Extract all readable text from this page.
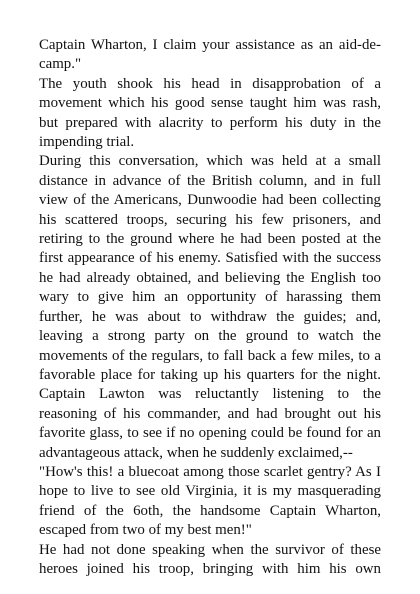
Captain Wharton, I claim your assistance as an aid-de-camp."

The youth shook his head in disapprobation of a movement which his good sense taught him was rash, but prepared with alacrity to perform his duty in the impending trial.

During this conversation, which was held at a small distance in advance of the British column, and in full view of the Americans, Dunwoodie had been collecting his scattered troops, securing his few prisoners, and retiring to the ground where he had been posted at the first appearance of his enemy. Satisfied with the success he had already obtained, and believing the English too wary to give him an opportunity of harassing them further, he was about to withdraw the guides; and, leaving a strong party on the ground to watch the movements of the regulars, to fall back a few miles, to a favorable place for taking up his quarters for the night. Captain Lawton was reluctantly listening to the reasoning of his commander, and had brought out his favorite glass, to see if no opening could be found for an advantageous attack, when he suddenly exclaimed,--

"How's this! a bluecoat among those scarlet gentry? As I hope to live to see old Virginia, it is my masquerading friend of the 6oth, the handsome Captain Wharton, escaped from two of my best men!"

He had not done speaking when the survivor of these heroes joined his troop, bringing with him his own
